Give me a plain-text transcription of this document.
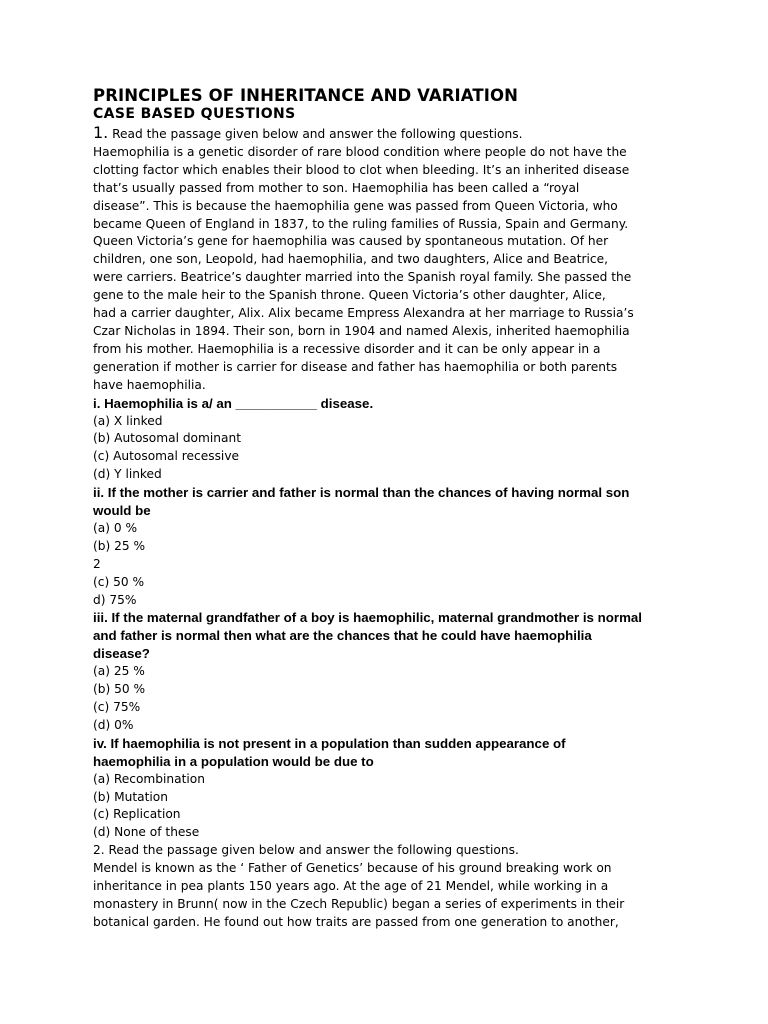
PRINCIPLES OF INHERITANCE AND VARIATION
CASE BASED QUESTIONS

1. Read the passage given below and answer the following questions.

Haemophilia is a genetic disorder of rare blood condition where people do not have the

clotting factor which enables their blood to clot when bleeding. It’s an inherited disease

that’s usually passed from mother to son. Haemophilia has been called a “royal

disease”. This is because the haemophilia gene was passed from Queen Victoria, who

became Queen of England in 1837, to the ruling families of Russia, Spain and Germany.

Queen Victoria’s gene for haemophilia was caused by spontaneous mutation. Of her

children, one son, Leopold, had haemophilia, and two daughters, Alice and Beatrice,

were carriers. Beatrice’s daughter married into the Spanish royal family. She passed the

gene to the male heir to the Spanish throne. Queen Victoria’s other daughter, Alice,

had a carrier daughter, Alix. Alix became Empress Alexandra at her marriage to Russia’s

Czar Nicholas in 1894. Their son, born in 1904 and named Alexis, inherited haemophilia

from his mother. Haemophilia is a recessive disorder and it can be only appear in a

generation if mother is carrier for disease and father has haemophilia or both parents

have haemophilia.

i. Haemophilia is a/ an ___________ disease.

(a) X linked

(b) Autosomal dominant

(c) Autosomal recessive

(d) Y linked

ii. If the mother is carrier and father is normal than the chances of having normal son

would be

(a) 0 %

(b) 25 %

2

(c) 50 %

d) 75%

iii. If the maternal grandfather of a boy is haemophilic, maternal grandmother is normal

and father is normal then what are the chances that he could have haemophilia

disease?

(a) 25 %

(b) 50 %

(c) 75%

(d) 0%

iv. If haemophilia is not present in a population than sudden appearance of

haemophilia in a population would be due to

(a) Recombination

(b) Mutation

(c) Replication

(d) None of these

2. Read the passage given below and answer the following questions.

Mendel is known as the ‘ Father of Genetics’ because of his ground breaking work on

inheritance in pea plants 150 years ago. At the age of 21 Mendel, while working in a

monastery in Brunn( now in the Czech Republic) began a series of experiments in their

botanical garden. He found out how traits are passed from one generation to another,
